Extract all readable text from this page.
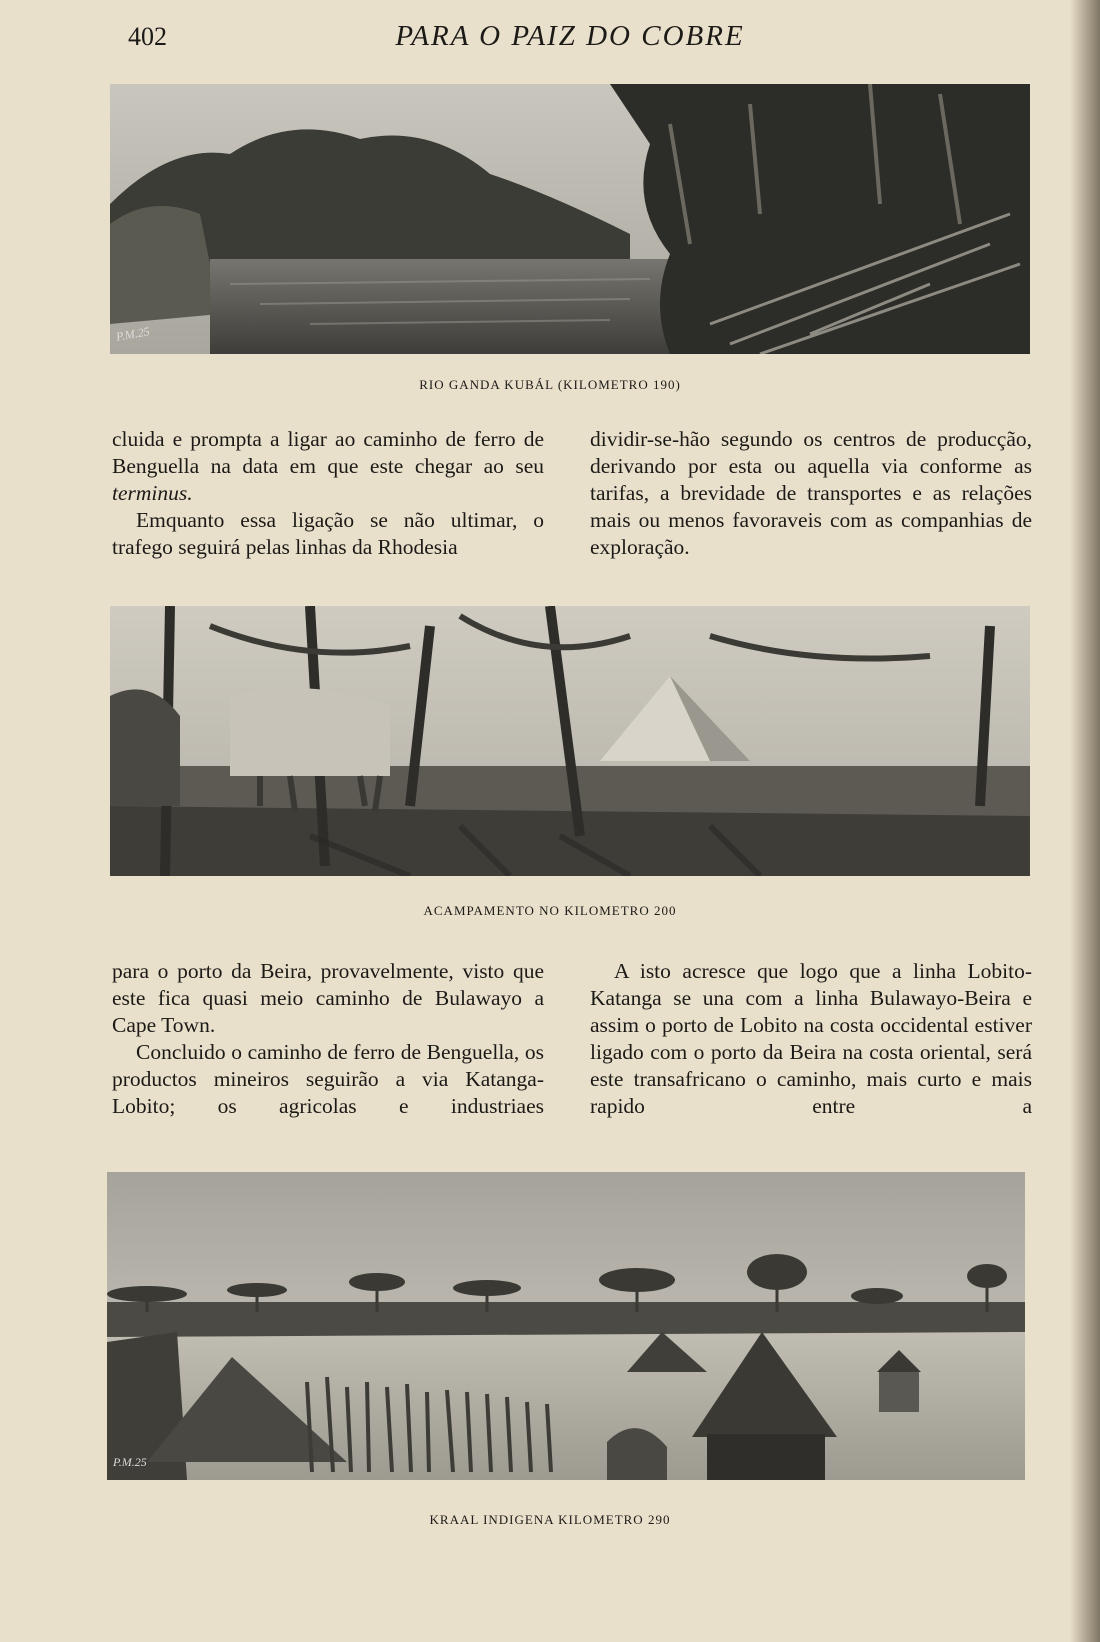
402	PARA O PAIZ DO COBRE
P.M.25
RIO GANDA KUBÁL (KILOMETRO 190)

cluida e prompta a ligar ao caminho de ferro de Benguella na data em que este chegar ao seu terminus.

Emquanto essa ligação se não ultimar, o trafego seguirá pelas linhas da Rhodesia

dividir-se-hão segundo os centros de producção, derivando por esta ou aquella via conforme as tarifas, a brevidade de transportes e as relações mais ou menos favoraveis com as companhias de exploração.

ACAMPAMENTO NO KILOMETRO 200

para o porto da Beira, provavelmente, visto que este fica quasi meio caminho de Bulawayo a Cape Town.

Concluido o caminho de ferro de Benguella, os productos mineiros seguirão a via Katanga-Lobito; os agricolas e industriaes

A isto acresce que logo que a linha Lobito-Katanga se una com a linha Bulawayo-Beira e assim o porto de Lobito na costa occidental estiver ligado com o porto da Beira na costa oriental, será este transafricano o caminho, mais curto e mais rapido entre a

P.M.25
KRAAL INDIGENA KILOMETRO 290
